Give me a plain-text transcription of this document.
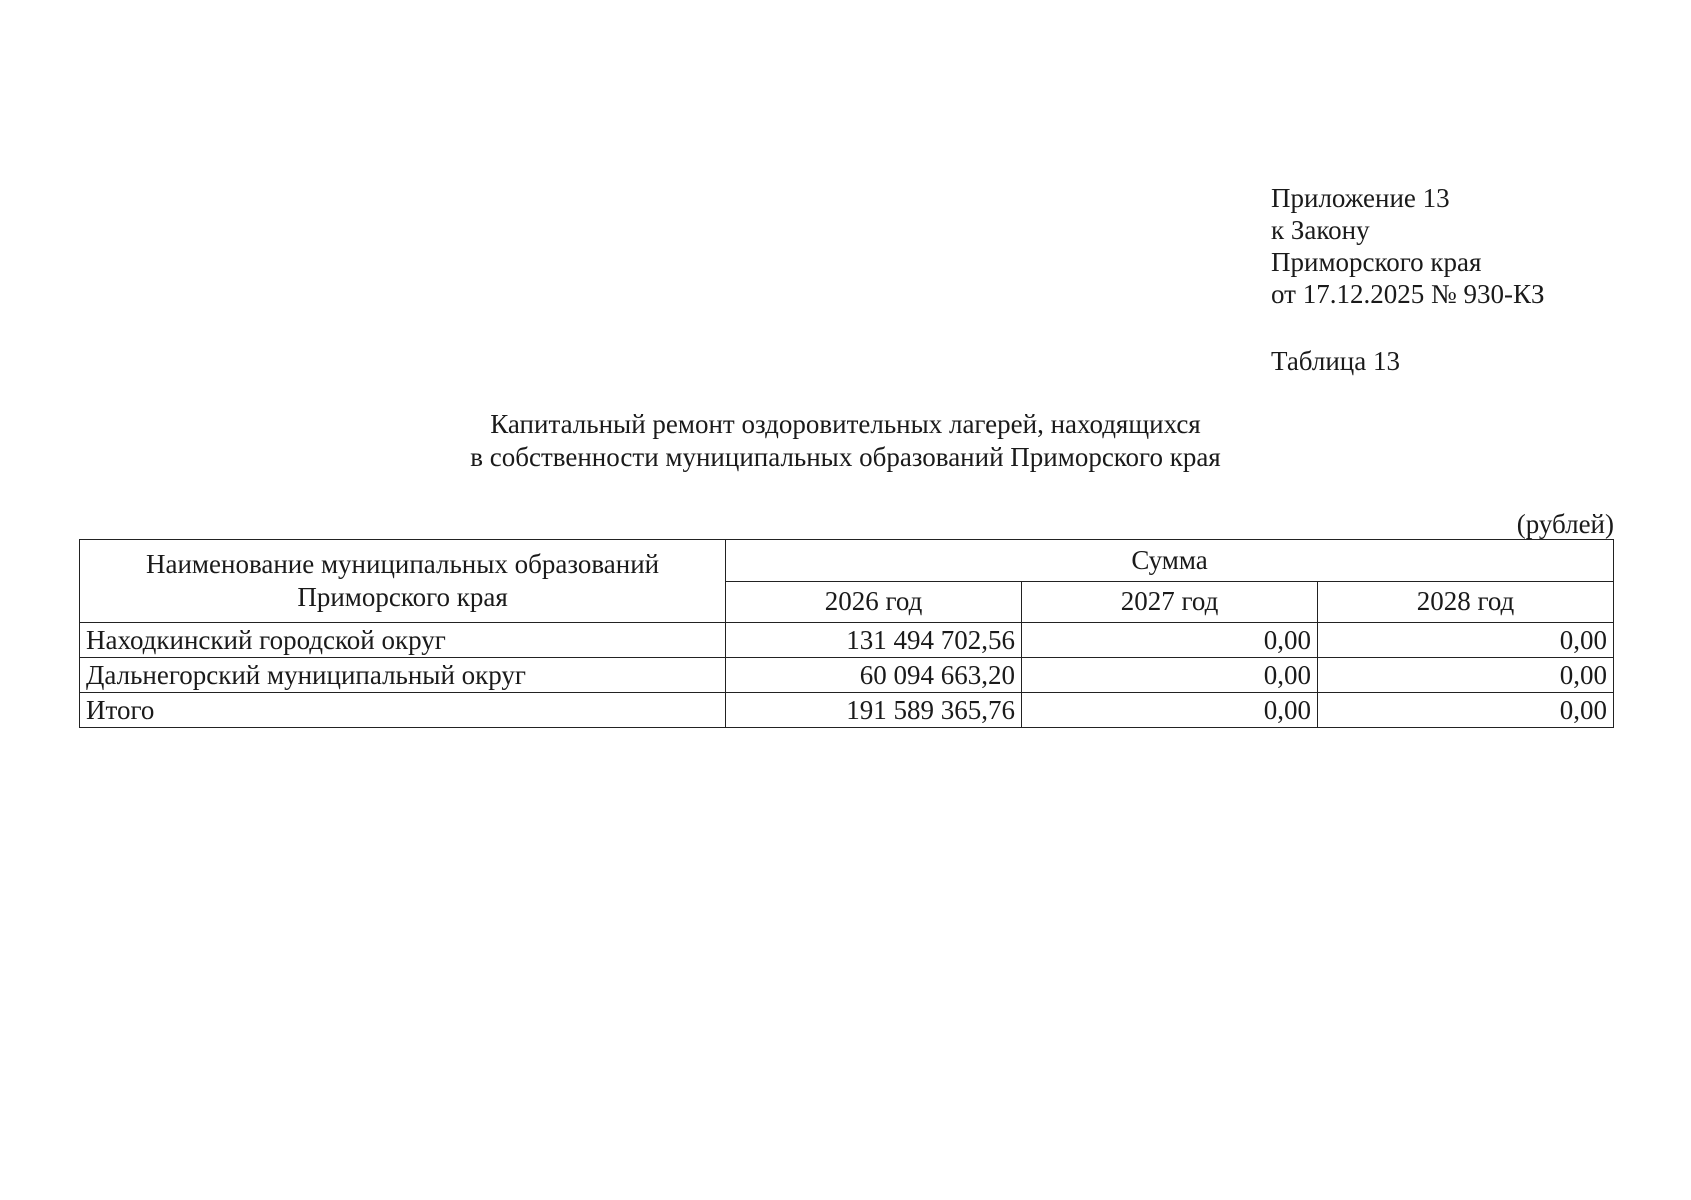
Приложение 13
к Закону
Приморского края
от 17.12.2025 № 930-КЗ
Таблица 13
Капитальный ремонт оздоровительных лагерей, находящихся
в собственности муниципальных образований Приморского края
(рублей)
Наименование муниципальных образований Приморского края	Сумма		
	2026 год	2027 год	2028 год
Находкинский городской округ	131 494 702,56	0,00	0,00
Дальнегорский муниципальный округ	60 094 663,20	0,00	0,00
Итого	191 589 365,76	0,00	0,00
